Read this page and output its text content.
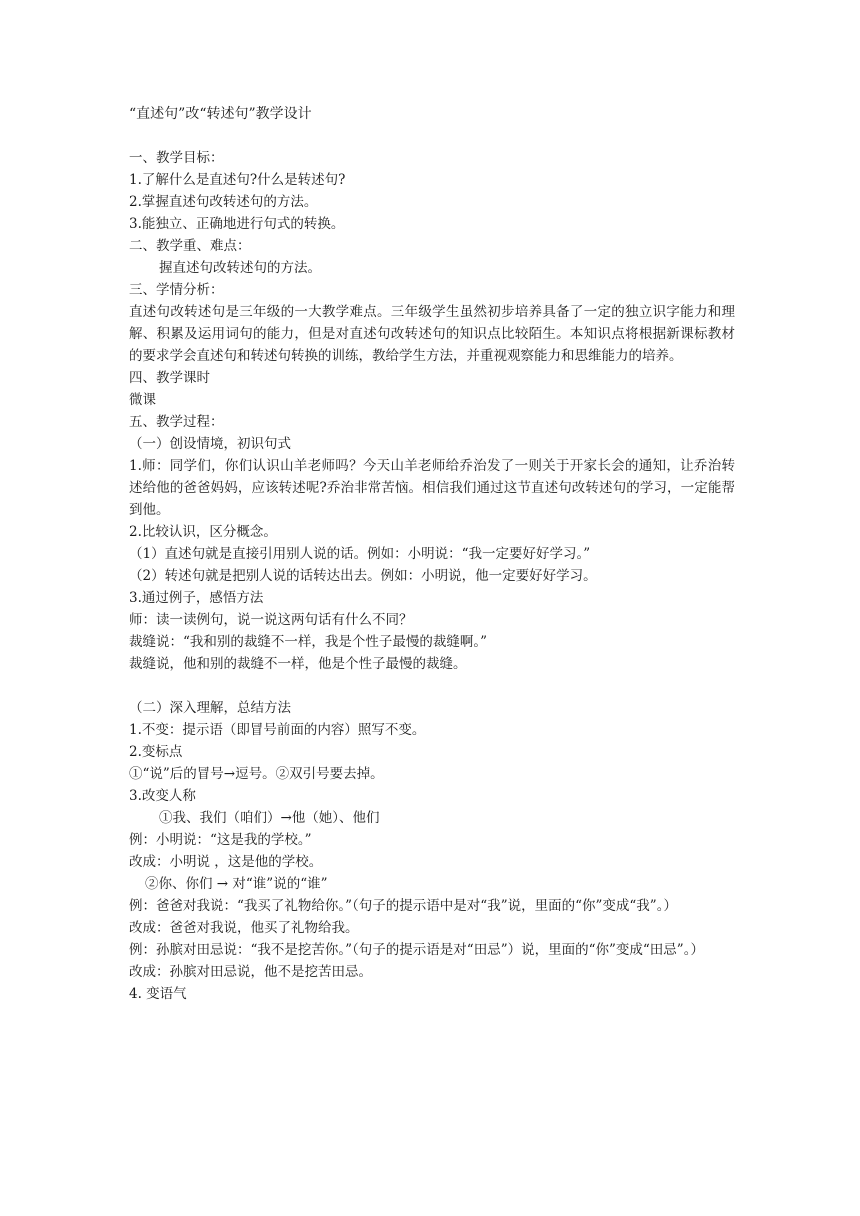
“直述句”改“转述句”教学设计

一、教学目标：

1.了解什么是直述句?什么是转述句?

2.掌握直述句改转述句的方法。

3.能独立、正确地进行句式的转换。

二、教学重、难点：

握直述句改转述句的方法。

三、学情分析：

直述句改转述句是三年级的一大教学难点。三年级学生虽然初步培养具备了一定的独立识字能力和理解、积累及运用词句的能力，但是对直述句改转述句的知识点比较陌生。本知识点将根据新课标教材的要求学会直述句和转述句转换的训练，教给学生方法，并重视观察能力和思维能力的培养。

四、教学课时

微课

五、教学过程：

（一）创设情境，初识句式

1.师：同学们，你们认识山羊老师吗？今天山羊老师给乔治发了一则关于开家长会的通知，让乔治转述给他的爸爸妈妈，应该转述呢?乔治非常苦恼。相信我们通过这节直述句改转述句的学习，一定能帮到他。

2.比较认识，区分概念。

（1）直述句就是直接引用别人说的话。例如：小明说：“我一定要好好学习。”

（2）转述句就是把别人说的话转达出去。例如：小明说，他一定要好好学习。

3.通过例子，感悟方法

师：读一读例句，说一说这两句话有什么不同？

裁缝说：“我和别的裁缝不一样，我是个性子最慢的裁缝啊。”

裁缝说，他和别的裁缝不一样，他是个性子最慢的裁缝。

（二）深入理解，总结方法

1.不变：提示语（即冒号前面的内容）照写不变。

2.变标点

①“说”后的冒号→逗号。②双引号要去掉。

3.改变人称

①我、我们（咱们）→他（她）、他们

例：小明说：“这是我的学校。”

改成：小明说 ，这是他的学校。

②你、你们 → 对“谁”说的“谁”

例：爸爸对我说：“我买了礼物给你。”（句子的提示语中是对“我”说，里面的“你”变成“我”。）

改成：爸爸对我说，他买了礼物给我。

例：孙膑对田忌说：“我不是挖苦你。”（句子的提示语是对“田忌”）说，里面的“你”变成“田忌”。）

改成：孙膑对田忌说，他不是挖苦田忌。

4. 变语气
